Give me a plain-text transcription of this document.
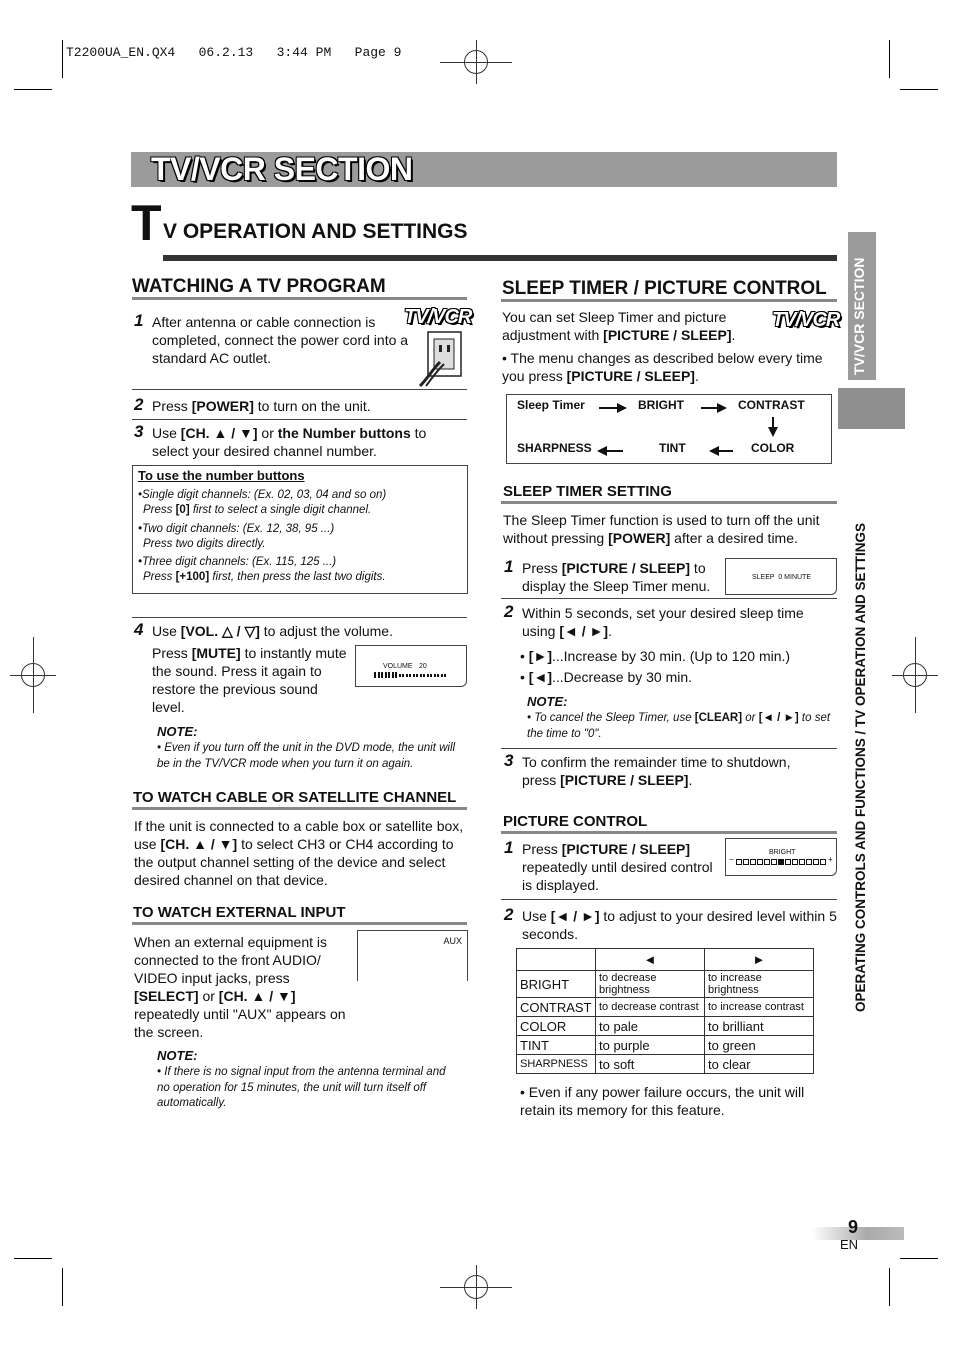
T2200UA_EN.QX4   06.2.13   3:44 PM   Page 9
TV/VCR SECTION
T V OPERATION AND SETTINGS
TV/VCR SECTION
OPERATING CONTROLS AND FUNCTIONS / TV OPERATION AND SETTINGS
WATCHING A TV PROGRAM
TV/VCR
1 After antenna or cable connection is completed, connect the power cord into a standard AC outlet.
2 Press [POWER] to turn on the unit.
3 Use [CH. ▲ / ▼] or the Number buttons to select your desired channel number.
To use the number buttons
•Single digit channels: (Ex. 02, 03, 04 and so on)
Press [0] first to select a single digit channel.
•Two digit channels: (Ex. 12, 38, 95 ...)
Press two digits directly.
•Three digit channels: (Ex. 115, 125 ...)
Press [+100] first, then press the last two digits.
4 Use [VOL. △ / ▽] to adjust the volume.
Press [MUTE] to instantly mute the sound. Press it again to restore the previous sound level.
VOLUME 20
NOTE:
• Even if you turn off the unit in the DVD mode, the unit will be in the TV/VCR mode when you turn it on again.
TO WATCH CABLE OR SATELLITE CHANNEL
If the unit is connected to a cable box or satellite box, use [CH. ▲ / ▼] to select CH3 or CH4 according to the output channel setting of the device and select desired channel on that device.
TO WATCH EXTERNAL INPUT
When an external equipment is connected to the front AUDIO/ VIDEO input jacks, press [SELECT] or [CH. ▲ / ▼] repeatedly until "AUX" appears on the screen.
AUX
NOTE:
• If there is no signal input from the antenna terminal and no operation for 15 minutes, the unit will turn itself off automatically.
SLEEP TIMER / PICTURE CONTROL
You can set Sleep Timer and picture adjustment with [PICTURE / SLEEP].
TV/VCR
• The menu changes as described below every time you press [PICTURE / SLEEP].
Sleep Timer	BRIGHT	CONTRAST
SHARPNESS	TINT	COLOR
SLEEP TIMER SETTING
The Sleep Timer function is used to turn off the unit without pressing [POWER] after a desired time.
1 Press [PICTURE / SLEEP] to display the Sleep Timer menu.
SLEEP  0 MINUTE
2 Within 5 seconds, set your desired sleep time using [◄ / ►].
• [►]...Increase by 30 min. (Up to 120 min.)
• [◄]...Decrease by 30 min.
NOTE:
• To cancel the Sleep Timer, use [CLEAR] or [◄ / ►] to set the time to "0".
3 To confirm the remainder time to shutdown, press [PICTURE / SLEEP].
PICTURE CONTROL
1 Press [PICTURE / SLEEP] repeatedly until desired control is displayed.
BRIGHT
−	+
2 Use [◄ / ►] to adjust to your desired level within 5 seconds.
	◄	►
BRIGHT	to decrease brightness	to increase brightness
CONTRAST	to decrease contrast	to increase contrast
COLOR	to pale	to brilliant
TINT	to purple	to green
SHARPNESS	to soft	to clear
• Even if any power failure occurs, the unit will retain its memory for this feature.
9
EN
